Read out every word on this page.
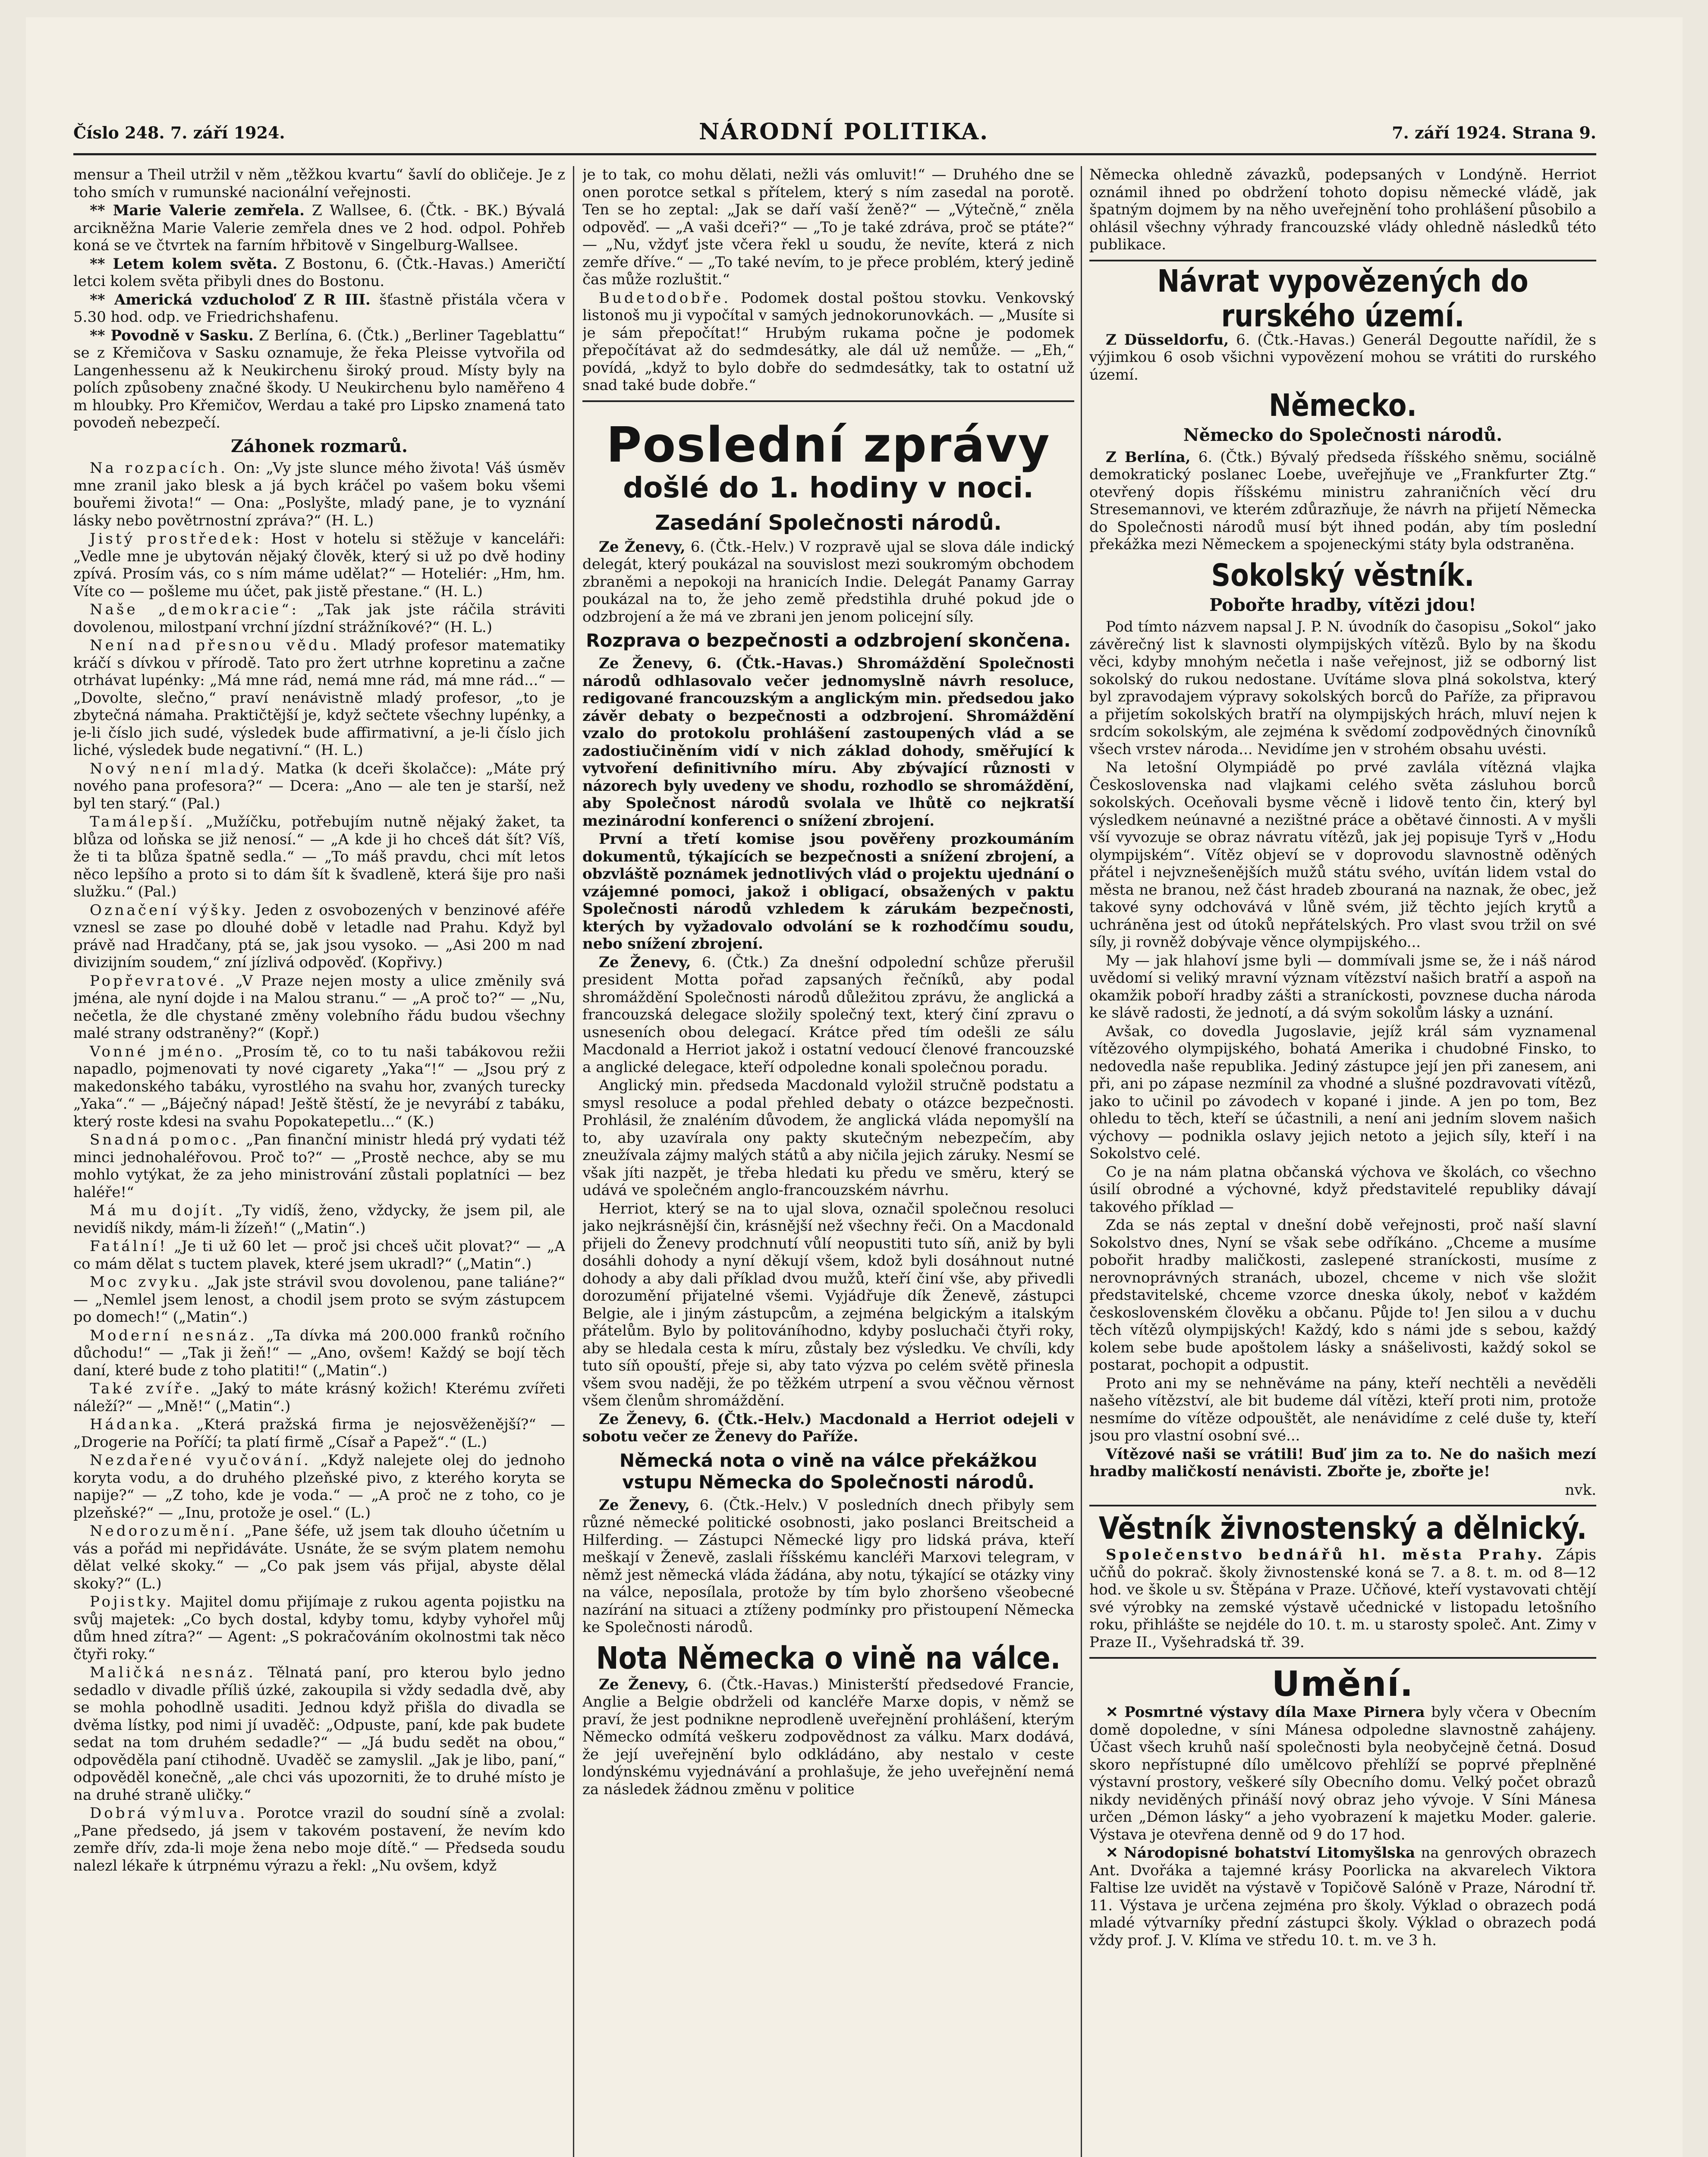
Číslo 248. 7. září 1924.	NÁRODNÍ POLITIKA.	7. září 1924. Strana 9.

mensur a Theil utržil v něm „těžkou kvartu“ šavlí do obličeje. Je z toho smích v rumunské nacionální veřejnosti.

** Marie Valerie zemřela. Z Wallsee, 6. (Čtk. - BK.) Bývalá arcikněžna Marie Valerie zemřela dnes ve 2 hod. odpol. Pohřeb koná se ve čtvrtek na farním hřbitově v Singelburg-Wallsee.

** Letem kolem světa. Z Bostonu, 6. (Čtk.-Havas.) Američtí letci kolem světa přibyli dnes do Bostonu.

** Americká vzducholoď Z R III. šťastně přistála včera v 5.30 hod. odp. ve Friedrichshafenu.

** Povodně v Sasku. Z Berlína, 6. (Čtk.) „Berliner Tageblattu“ se z Křemičova v Sasku oznamuje, že řeka Pleisse vytvořila od Langenhessenu až k Neukirchenu široký proud. Místy byly na polích způsobeny značné škody. U Neukirchenu bylo naměřeno 4 m hloubky. Pro Křemičov, Werdau a také pro Lipsko znamená tato povodeň nebezpečí.

Záhonek rozmarů.

Na rozpacích. On: „Vy jste slunce mého života! Váš úsměv mne zranil jako blesk a já bych kráčel po vašem boku všemi bouřemi života!“ — Ona: „Poslyšte, mladý pane, je to vyznání lásky nebo povětrnostní zpráva?“ (H. L.)

Jistý prostředek: Host v hotelu si stěžuje v kanceláři: „Vedle mne je ubytován nějaký člověk, který si už po dvě hodiny zpívá. Prosím vás, co s ním máme udělat?“ — Hoteliér: „Hm, hm. Víte co — pošleme mu účet, pak jistě přestane.“ (H. L.)

Naše „demokracie“: „Tak jak jste ráčila stráviti dovolenou, milostpaní vrchní jízdní strážníkové?“ (H. L.)

Není nad přesnou vědu. Mladý profesor matematiky kráčí s dívkou v přírodě. Tato pro žert utrhne kopretinu a začne otrhávat lupénky: „Má mne rád, nemá mne rád, má mne rád...“ — „Dovolte, slečno,“ praví nenávistně mladý profesor, „to je zbytečná námaha. Praktičtější je, když sečtete všechny lupénky, a je-li číslo jich sudé, výsledek bude affirmativní, a je-li číslo jich liché, výsledek bude negativní.“ (H. L.)

Nový není mladý. Matka (k dceři školačce): „Máte prý nového pana profesora?“ — Dcera: „Ano — ale ten je starší, než byl ten starý.“ (Pal.)

Tamálepší. „Mužíčku, potřebujím nutně nějaký žaket, ta blůza od loňska se již nenosí.“ — „A kde ji ho chceš dát šít? Víš, že ti ta blůza špatně sedla.“ — „To máš pravdu, chci mít letos něco lepšího a proto si to dám šít k švadleně, která šije pro naši služku.“ (Pal.)

Označení výšky. Jeden z osvobozených v benzinové aféře vznesl se zase po dlouhé době v letadle nad Prahu. Když byl právě nad Hradčany, ptá se, jak jsou vysoko. — „Asi 200 m nad divizijním soudem,“ zní jízlivá odpověď. (Kopřivy.)

Popřevratové. „V Praze nejen mosty a ulice změnily svá jména, ale nyní dojde i na Malou stranu.“ — „A proč to?“ — „Nu, nečetla, že dle chystané změny volebního řádu budou všechny malé strany odstraněny?“ (Kopř.)

Vonné jméno. „Prosím tě, co to tu naši tabákovou režii napadlo, pojmenovati ty nové cigarety „Yaka“!“ — „Jsou prý z makedonského tabáku, vyrostlého na svahu hor, zvaných turecky „Yaka“.“ — „Báječný nápad! Ještě štěstí, že je nevyrábí z tabáku, který roste kdesi na svahu Popokatepetlu...“ (K.)

Snadná pomoc. „Pan finanční ministr hledá prý vydati též minci jednohaléřovou. Proč to?“ — „Prostě nechce, aby se mu mohlo vytýkat, že za jeho ministrování zůstali poplatníci — bez haléře!“

Má mu dojít. „Ty vidíš, ženo, vždycky, že jsem pil, ale nevidíš nikdy, mám-li žízeň!“ („Matin“.)

Fatální! „Je ti už 60 let — proč jsi chceš učit plovat?“ — „A co mám dělat s tuctem plavek, které jsem ukradl?“ („Matin“.)

Moc zvyku. „Jak jste strávil svou dovolenou, pane taliáne?“ — „Nemlel jsem lenost, a chodil jsem proto se svým zástupcem po domech!“ („Matin“.)

Moderní nesnáz. „Ta dívka má 200.000 franků ročního důchodu!“ — „Tak ji žeň!“ — „Ano, ovšem! Každý se bojí těch daní, které bude z toho platiti!“ („Matin“.)

Také zvíře. „Jaký to máte krásný kožich! Kterému zvířeti náleží?“ — „Mně!“ („Matin“.)

Hádanka. „Která pražská firma je nejosvěženější?“ — „Drogerie na Poříčí; ta platí firmě „Císař a Papež“.“ (L.)

Nezdařené vyučování. „Když nalejete olej do jednoho koryta vodu, a do druhého plzeňské pivo, z kterého koryta se napije?“ — „Z toho, kde je voda.“ — „A proč ne z toho, co je plzeňské?“ — „Inu, protože je osel.“ (L.)

Nedorozumění. „Pane šéfe, už jsem tak dlouho účetním u vás a pořád mi nepřidáváte. Usnáte, že se svým platem nemohu dělat velké skoky.“ — „Co pak jsem vás přijal, abyste dělal skoky?“ (L.)

Pojistky. Majitel domu přijímaje z rukou agenta pojistku na svůj majetek: „Co bych dostal, kdyby tomu, kdyby vyhořel můj dům hned zítra?“ — Agent: „S pokračováním okolnostmi tak něco čtyři roky.“

Maličká nesnáz. Tělnatá paní, pro kterou bylo jedno sedadlo v divadle příliš úzké, zakoupila si vždy sedadla dvě, aby se mohla pohodlně usaditi. Jednou když přišla do divadla se dvěma lístky, pod nimi jí uvaděč: „Odpuste, paní, kde pak budete sedat na tom druhém sedadle?“ — „Já budu sedět na obou,“ odpověděla paní ctihodně. Uvaděč se zamyslil. „Jak je libo, paní,“ odpověděl konečně, „ale chci vás upozorniti, že to druhé místo je na druhé straně uličky.“

Dobrá výmluva. Porotce vrazil do soudní síně a zvolal: „Pane předsedo, já jsem v takovém postavení, že nevím kdo zemře dřív, zda-li moje žena nebo moje dítě.“ — Předseda soudu nalezl lékaře k útrpnému výrazu a řekl: „Nu ovšem, když

je to tak, co mohu dělati, nežli vás omluvit!“ — Druhého dne se onen porotce setkal s přítelem, který s ním zasedal na porotě. Ten se ho zeptal: „Jak se daří vaší ženě?“ — „Výtečně,“ zněla odpověď. — „A vaši dceři?“ — „To je také zdráva, proč se ptáte?“ — „Nu, vždyť jste včera řekl u soudu, že nevíte, která z nich zemře dříve.“ — „To také nevím, to je přece problém, který jedině čas může rozluštit.“

Budetodobře. Podomek dostal poštou stovku. Venkovský listonoš mu ji vypočítal v samých jednokorunovkách. — „Musíte si je sám přepočítat!“ Hrubým rukama počne je podomek přepočítávat až do sedmdesátky, ale dál už nemůže. — „Eh,“ povídá, „když to bylo dobře do sedmdesátky, tak to ostatní už snad také bude dobře.“

Poslední zprávy
došlé do 1. hodiny v noci.
Zasedání Společnosti národů.

Ze Ženevy, 6. (Čtk.-Helv.) V rozpravě ujal se slova dále indický delegát, který poukázal na souvislost mezi soukromým obchodem zbraněmi a nepokoji na hranicích Indie. Delegát Panamy Garray poukázal na to, že jeho země předstihla druhé pokud jde o odzbrojení a že má ve zbrani jen jenom policejní síly.

Rozprava o bezpečnosti a odzbrojení skončena.

Ze Ženevy, 6. (Čtk.-Havas.) Shromáždění Společnosti národů odhlasovalo večer jednomyslně návrh resoluce, redigované francouzským a anglickým min. předsedou jako závěr debaty o bezpečnosti a odzbrojení. Shromáždění vzalo do protokolu prohlášení zastoupených vlád a se zadostiučiněním vidí v nich základ dohody, směřující k vytvoření definitivního míru. Aby zbývající různosti v názorech byly uvedeny ve shodu, rozhodlo se shromáždění, aby Společnost národů svolala ve lhůtě co nejkratší mezinárodní konferenci o snížení zbrojení.

První a třetí komise jsou pověřeny prozkoumáním dokumentů, týkajících se bezpečnosti a snížení zbrojení, a obzvláště poznámek jednotlivých vlád o projektu ujednání o vzájemné pomoci, jakož i obligací, obsažených v paktu Společnosti národů vzhledem k zárukám bezpečnosti, kterých by vyžadovalo odvolání se k rozhodčímu soudu, nebo snížení zbrojení.

Ze Ženevy, 6. (Čtk.) Za dnešní odpolední schůze přerušil president Motta pořad zapsaných řečníků, aby podal shromáždění Společnosti národů důležitou zprávu, že anglická a francouzská delegace složily společný text, který činí zpravu o usneseních obou delegací. Krátce před tím odešli ze sálu Macdonald a Herriot jakož i ostatní vedoucí členové francouzské a anglické delegace, kteří odpoledne konali společnou poradu.

Anglický min. předseda Macdonald vyložil stručně podstatu a smysl resoluce a podal přehled debaty o otázce bezpečnosti. Prohlásil, že znaléním důvodem, že anglická vláda nepomyšlí na to, aby uzavírala ony pakty skutečným nebezpečím, aby zneužívala zájmy malých států a aby ničila jejich záruky. Nesmí se však jíti nazpět, je třeba hledati ku předu ve směru, který se udává ve společném anglo-francouzském návrhu.

Herriot, který se na to ujal slova, označil společnou resoluci jako nejkrásnější čin, krásnější než všechny řeči. On a Macdonald přijeli do Ženevy prodchnutí vůlí neopustiti tuto síň, aniž by byli dosáhli dohody a nyní děkují všem, kdož byli dosáhnout nutné dohody a aby dali příklad dvou mužů, kteří činí vše, aby přivedli dorozumění přijatelné všemi. Vyjádřuje dík Ženevě, zástupci Belgie, ale i jiným zástupcům, a zejména belgickým a italským přátelům. Bylo by politováníhodno, kdyby posluchači čtyři roky, aby se hledala cesta k míru, zůstaly bez výsledku. Ve chvíli, kdy tuto síň opouští, přeje si, aby tato výzva po celém světě přinesla všem svou naději, že po těžkém utrpení a svou věčnou věrnost všem členům shromáždění.

Ze Ženevy, 6. (Čtk.-Helv.) Macdonald a Herriot odejeli v sobotu večer ze Ženevy do Paříže.

Německá nota o vině na válce překážkou vstupu Německa do Společnosti národů.

Ze Ženevy, 6. (Čtk.-Helv.) V posledních dnech přibyly sem různé německé politické osobnosti, jako poslanci Breitscheid a Hilferding. — Zástupci Německé ligy pro lidská práva, kteří meškají v Ženevě, zaslali říšskému kancléři Marxovi telegram, v němž jest německá vláda žádána, aby notu, týkající se otázky viny na válce, neposílala, protože by tím bylo zhoršeno všeobecné nazírání na situaci a ztíženy podmínky pro přistoupení Německa ke Společnosti národů.

Nota Německa o vině na válce.

Ze Ženevy, 6. (Čtk.-Havas.) Ministerští předsedové Francie, Anglie a Belgie obdrželi od kancléře Marxe dopis, v němž se praví, že jest podnikne neprodleně uveřejnění prohlášení, kterým Německo odmítá veškeru zodpovědnost za válku. Marx dodává, že její uveřejnění bylo odkládáno, aby nestalo v ceste londýnskému vyjednávání a prohlašuje, že jeho uveřejnění nemá za následek žádnou změnu v politice

Německa ohledně závazků, podepsaných v Londýně. Herriot oznámil ihned po obdržení tohoto dopisu německé vládě, jak špatným dojmem by na něho uveřejnění toho prohlášení působilo a ohlásil všechny výhrady francouzské vlády ohledně následků této publikace.

Návrat vypovězených do rurského území.

Z Düsseldorfu, 6. (Čtk.-Havas.) Generál Degoutte nařídil, že s výjimkou 6 osob všichni vypovězení mohou se vrátiti do rurského území.

Německo.
Německo do Společnosti národů.

Z Berlína, 6. (Čtk.) Bývalý předseda říšského sněmu, sociálně demokratický poslanec Loebe, uveřejňuje ve „Frankfurter Ztg.“ otevřený dopis říšskému ministru zahraničních věcí dru Stresemannovi, ve kterém zdůrazňuje, že návrh na přijetí Německa do Společnosti národů musí být ihned podán, aby tím poslední překážka mezi Německem a spojeneckými státy byla odstraněna.

Sokolský věstník.
Pobořte hradby, vítězi jdou!

Pod tímto názvem napsal J. P. N. úvodník do časopisu „Sokol“ jako závěrečný list k slavnosti olympijských vítězů. Bylo by na škodu věci, kdyby mnohým nečetla i naše veřejnost, již se odborný list sokolský do rukou nedostane. Uvítáme slova plná sokolstva, který byl zpravodajem výpravy sokolských borců do Paříže, za připravou a přijetím sokolských bratří na olympijských hrách, mluví nejen k srdcím sokolským, ale zejména k svědomí zodpovědných činovníků všech vrstev národa... Nevidíme jen v strohém obsahu uvésti.

Na letošní Olympiádě po prvé zavlála vítězná vlajka Československa nad vlajkami celého světa zásluhou borců sokolských. Oceňovali bysme věcně i lidově tento čin, který byl výsledkem neúnavné a nezištné práce a obětavé činnosti. A v myšli vší vyvozuje se obraz návratu vítězů, jak jej popisuje Tyrš v „Hodu olympijském“. Vítěz objeví se v doprovodu slavnostně oděných přátel i nejvznešenějších mužů státu svého, uvítán lidem vstal do města ne branou, než část hradeb zbouraná na naznak, že obec, jež takové syny odchovává v lůně svém, již těchto jejích krytů a uchráněna jest od útoků nepřátelských. Pro vlast svou tržil on své síly, ji rovněž dobývaje věnce olympijského...

My — jak hlahoví jsme byli — dommívali jsme se, že i náš národ uvědomí si veliký mravní význam vítězství našich bratří a aspoň na okamžik poboří hradby zášti a straníckosti, povznese ducha národa ke slávě radosti, že jednotí, a dá svým sokolům lásky a uznání.

Avšak, co dovedla Jugoslavie, jejíž král sám vyznamenal vítězového olympijského, bohatá Amerika i chudobné Finsko, to nedovedla naše republika. Jediný zástupce její jen při zanesem, ani při, ani po zápase nezmínil za vhodné a slušné pozdravovati vítězů, jako to učinil po závodech v kopané i jinde. A jen po tom, Bez ohledu to těch, kteří se účastnili, a není ani jedním slovem našich výchovy — podnikla oslavy jejich netoto a jejich síly, kteří i na Sokolstvo celé.

Co je na nám platna občanská výchova ve školách, co všechno úsilí obrodné a výchovné, když představitelé republiky dávají takového příklad —

Zda se nás zeptal v dnešní době veřejnosti, proč naší slavní Sokolstvo dnes, Nyní se však sebe odříkáno. „Chceme a musíme pobořit hradby maličkosti, zaslepené straníckosti, musíme z nerovnoprávných stranách, ubozel, chceme v nich vše složit představitelské, chceme vzorce dneska úkoly, neboť v každém československém člověku a občanu. Půjde to! Jen silou a v duchu těch vítězů olympijských! Každý, kdo s námi jde s sebou, každý kolem sebe bude apoštolem lásky a snášelivosti, každý sokol se postarat, pochopit a odpustit.

Proto ani my se nehněváme na pány, kteří nechtěli a nevěděli našeho vítězství, ale bit budeme dál vítězi, kteří proti nim, protože nesmíme do vítěze odpouštět, ale nenávidíme z celé duše ty, kteří jsou pro vlastní osobní své...

Vítězové naši se vrátili! Buď jim za to. Ne do našich mezí hradby maličkostí nenávisti. Zbořte je, zbořte je!

nvk.

Věstník živnostenský a dělnický.

Společenstvo bednářů hl. města Prahy. Zápis učňů do pokrač. školy živnostenské koná se 7. a 8. t. m. od 8—12 hod. ve škole u sv. Štěpána v Praze. Učňové, kteří vystavovati chtějí své výrobky na zemské výstavě učednické v listopadu letošního roku, přihlášte se nejdéle do 10. t. m. u starosty společ. Ant. Zimy v Praze II., Vyšehradská tř. 39.

Umění.

✕ Posmrtné výstavy díla Maxe Pirnera byly včera v Obecním domě dopoledne, v síni Mánesa odpoledne slavnostně zahájeny. Účast všech kruhů naší společnosti byla neobyčejně četná. Dosud skoro nepřístupné dílo umělcovo přehlíží se poprvé přeplněné výstavní prostory, veškeré síly Obecního domu. Velký počet obrazů nikdy neviděných přináší nový obraz jeho vývoje. V Síni Mánesa určen „Démon lásky“ a jeho vyobrazení k majetku Moder. galerie. Výstava je otevřena denně od 9 do 17 hod.

✕ Národopisné bohatství Litomyšlska na genrových obrazech Ant. Dvořáka a tajemné krásy Poorlicka na akvarelech Viktora Faltise lze uvidět na výstavě v Topičově Salóně v Praze, Národní tř. 11. Výstava je určena zejména pro školy. Výklad o obrazech podá mladé výtvarníky přední zástupci školy. Výklad o obrazech podá vždy prof. J. V. Klíma ve středu 10. t. m. ve 3 h.
